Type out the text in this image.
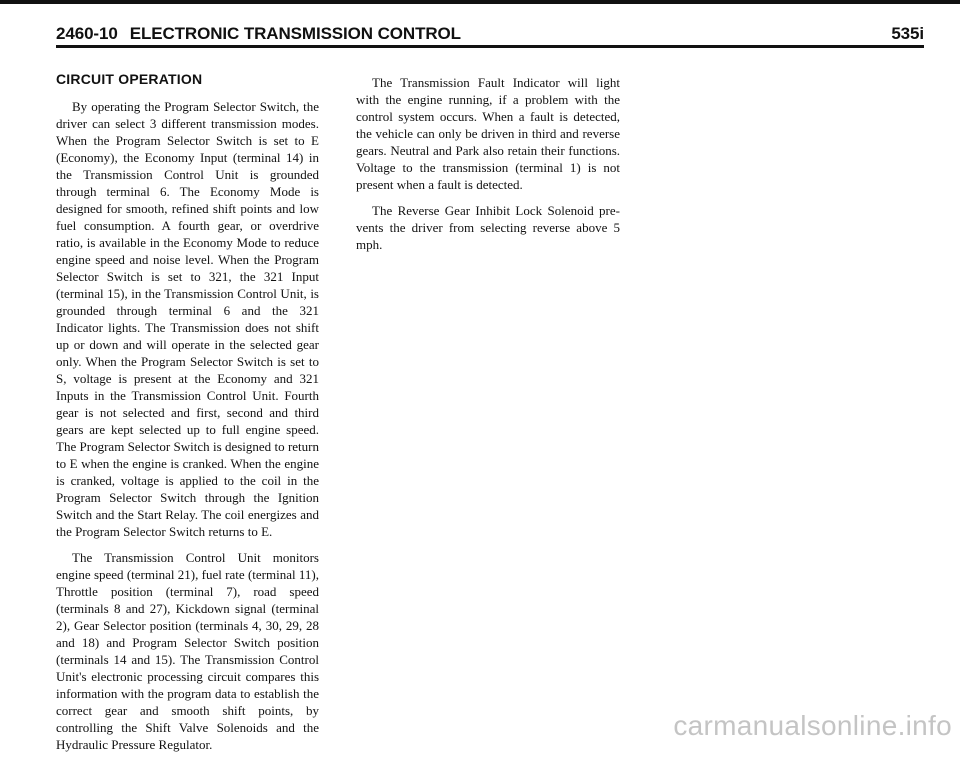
2460-10 ELECTRONIC TRANSMISSION CONTROL	535i
CIRCUIT OPERATION

By operating the Program Selector Switch, the driver can select 3 different transmission modes. When the Program Selector Switch is set to E (Economy), the Economy Input (terminal 14) in the Transmission Control Unit is grounded through terminal 6. The Economy Mode is designed for smooth, refined shift points and low fuel consumption. A fourth gear, or overdrive ratio, is available in the Economy Mode to reduce engine speed and noise level. When the Program Selector Switch is set to 321, the 321 Input (terminal 15), in the Transmission Control Unit, is grounded through terminal 6 and the 321 Indicator lights. The Transmission does not shift up or down and will operate in the selected gear only. When the Program Selector Switch is set to S, voltage is present at the Economy and 321 Inputs in the Transmission Control Unit. Fourth gear is not selected and first, second and third gears are kept selected up to full engine speed. The Program Selector Switch is designed to return to E when the engine is cranked. When the engine is cranked, voltage is applied to the coil in the Program Selector Switch through the Ignition Switch and the Start Relay. The coil energizes and the Program Selector Switch returns to E.

The Transmission Control Unit monitors engine speed (terminal 21), fuel rate (terminal 11), Throttle position (terminal 7), road speed (terminals 8 and 27), Kickdown signal (terminal 2), Gear Selector position (terminals 4, 30, 29, 28 and 18) and Program Selector Switch position (terminals 14 and 15). The Transmission Control Unit's electronic processing circuit compares this information with the program data to establish the correct gear and smooth shift points, by controlling the Shift Valve Solenoids and the Hydraulic Pressure Regulator.

The Transmission Fault Indicator will light with the engine running, if a problem with the control system occurs. When a fault is detected, the vehicle can only be driven in third and reverse gears. Neutral and Park also retain their functions. Voltage to the transmission (terminal 1) is not present when a fault is detected.

The Reverse Gear Inhibit Lock Solenoid prevents the driver from selecting reverse above 5 mph.

carmanualsonline.info
